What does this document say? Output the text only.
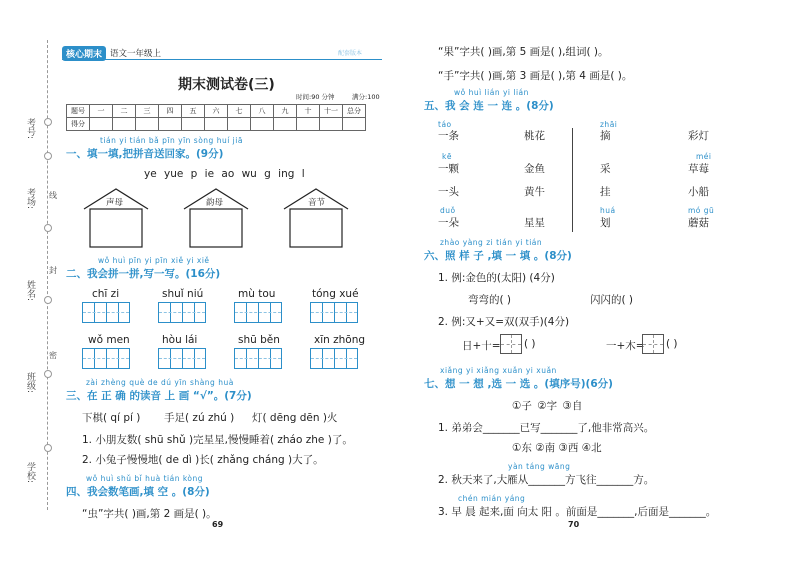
考号:
考场:
姓名:
班级:
学校:
线
封
密
核心期末 语文一年级上	配套版本
期末测试卷(三)
时间:90 分钟	满分:100
题号	一	二	三	四	五	六	七	八	九	十	十一	总分
得分												
tián yi tián bǎ pīn yīn sòng huí jiā
一、填一填,把拼音送回家。(9分)
ye yue p ie ao wu g ing l
声母	韵母	音节
wǒ huì pīn yi pīn xiě yi xiě
二、我会拼一拼,写一写。(16分)
chī zi	shuǐ niú	mù tou	tóng xué
wǒ men	hòu lái	shū běn	xīn zhōng
zài zhèng què de dú yīn shàng huà
三、在 正 确 的读音 上 画 “√”。(7分)
下棋( qí pí ) 手足( zú zhú ) 灯( dēng dēn )火
1. 小朋友数( shū shǔ )完星星,慢慢睡着( zháo zhe )了。
2. 小兔子慢慢地( de dì )长( zhǎng cháng )大了。
wǒ huì shǔ bǐ huà tián kòng
四、我会数笔画,填 空 。(8分)
“虫”字共( )画,第 2 画是( )。
69
“果”字共( )画,第 5 画是( ),组词( )。
“手”字共( )画,第 3 画是( ),第 4 画是( )。
wǒ huì lián yi lián
五、我 会 连 一 连 。(8分)
táo	zhāi
一条	桃花	摘	彩灯
kē	méi
一颗	金鱼	采	草莓
一头	黄牛	挂	小船
duǒ	huá	mó gū
一朵	星星	划	蘑菇
zhào yàng zi tián yi tián
六、照 样 子 ,填 一 填 。(8分)
1. 例:金色的(太阳) (4分)
弯弯的( )	闪闪的( )
2. 例:又+又=双(双手)(4分)
日+十= ( )	一+木= ( )
xiǎng yi xiǎng xuǎn yi xuǎn
七、想 一 想 ,选 一 选 。(填序号)(6分)
①子 ②字 ③自
1. 弟弟会_______已写_______了,他非常高兴。
①东 ②南 ③西 ④北
yàn táng wāng
2. 秋天来了,大雁从_______方飞往_______方。
chén mián yáng
3. 早 晨 起来,面 向太 阳 。前面是_______,后面是_______。
70
